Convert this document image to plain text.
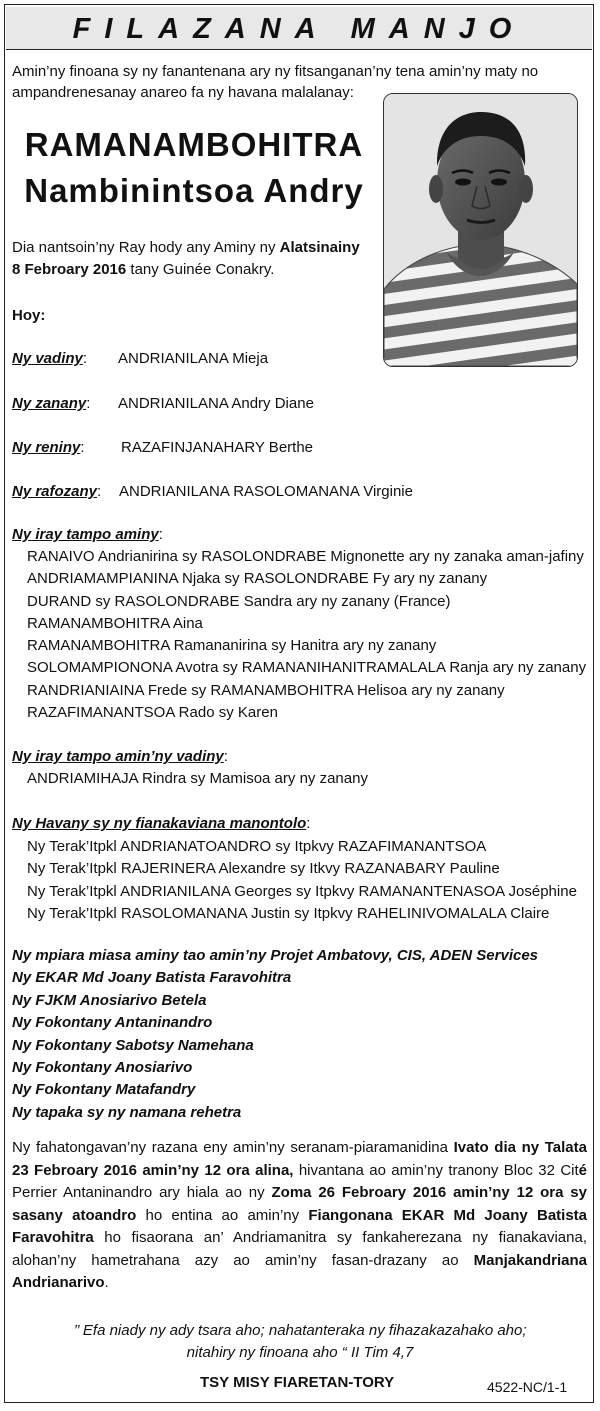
FILAZANA MANJO
Amin’ny finoana sy ny fanantenana ary ny fitsanganan’ny tena amin’ny maty no ampandrenesanay anareo fa ny havana malalanay:
RAMANAMBOHITRA
Nambinintsoa Andry
Dia nantsoin’ny Ray hody any Aminy ny Alatsinainy
8 Febroary 2016 tany Guinée Conakry.
Hoy:
Ny vadiny: ANDRIANILANA Mieja
Ny zanany: ANDRIANILANA Andry Diane
Ny reniny: RAZAFINJANAHARY Berthe
Ny rafozany: ANDRIANILANA RASOLOMANANA Virginie
Ny iray tampo aminy:
RANAIVO Andrianirina sy RASOLONDRABE Mignonette ary ny zanaka aman-jafiny
ANDRIAMAMPIANINA Njaka sy RASOLONDRABE Fy ary ny zanany
DURAND sy RASOLONDRABE Sandra ary ny zanany (France)
RAMANAMBOHITRA Aina
RAMANAMBOHITRA Ramananirina sy Hanitra ary ny zanany
SOLOMAMPIONONA Avotra sy RAMANANIHANITRAMALALA Ranja ary ny zanany
RANDRIANIAINA Frede sy RAMANAMBOHITRA Helisoa ary ny zanany
RAZAFIMANANTSOA Rado sy Karen
Ny iray tampo amin’ny vadiny:
ANDRIAMIHAJA Rindra sy Mamisoa ary ny zanany
Ny Havany sy ny fianakaviana manontolo:
Ny Terak’Itpkl ANDRIANATOANDRO sy Itpkvy RAZAFIMANANTSOA
Ny Terak’Itpkl RAJERINERA Alexandre sy Itkvy RAZANABARY Pauline
Ny Terak’Itpkl ANDRIANILANA Georges sy Itpkvy RAMANANTENASOA Joséphine
Ny Terak’Itpkl RASOLOMANANA Justin sy Itpkvy RAHELINIVOMALALA Claire
Ny mpiara miasa aminy tao amin’ny Projet Ambatovy, CIS, ADEN Services
Ny EKAR Md Joany Batista Faravohitra
Ny FJKM Anosiarivo Betela
Ny Fokontany Antaninandro
Ny Fokontany Sabotsy Namehana
Ny Fokontany Anosiarivo
Ny Fokontany Matafandry
Ny tapaka sy ny namana rehetra
Ny fahatongavan’ny razana eny amin’ny seranam-piaramanidina Ivato dia ny Talata 23 Febroary 2016 amin’ny 12 ora alina, hivantana ao amin’ny tranony Bloc 32 Cité Perrier Antaninandro ary hiala ao ny Zoma 26 Febroary 2016 amin’ny 12 ora sy sasany atoandro ho entina ao amin’ny Fiangonana EKAR Md Joany Batista Faravohitra ho fisaorana an’ Andriamanitra sy fankaherezana ny fianakaviana, alohan’ny hametrahana azy ao amin’ny fasan-drazany ao Manjakandriana Andrianarivo.
’’ Efa niady ny ady tsara aho; nahatanteraka ny fihazakazahako aho;
nitahiry ny finoana aho “ II Tim 4,7
TSY MISY FIARETAN-TORY	4522-NC/1-1
